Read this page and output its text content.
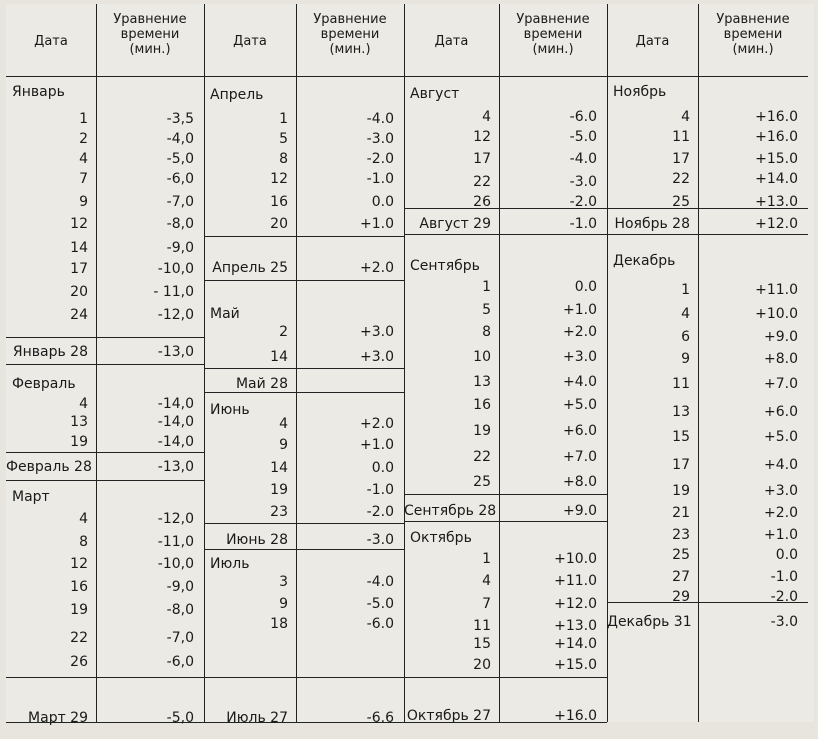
Дата
Уравнение времени (мин.)
Дата
Уравнение времени (мин.)
Дата
Уравнение времени (мин.)
Дата
Уравнение времени (мин.)
Январь
1	-3,5
2	-4,0
4	-5,0
7	-6,0
9	-7,0
12	-8,0
14	-9,0
17	-10,0
20	- 11,0
24	-12,0
Январь 28	-13,0
Февраль
4	-14,0
13	-14,0
19	-14,0
Февраль 28	-13,0
Март
4	-12,0
8	-11,0
12	-10,0
16	-9,0
19	-8,0
22	-7,0
26	-6,0
Март 29	-5,0
Апрель
1	-4.0
5	-3.0
8	-2.0
12	-1.0
16	0.0
20	+1.0
Апрель 25	+2.0
Май
2	+3.0
14	+3.0
Май 28
Июнь
4	+2.0
9	+1.0
14	0.0
19	-1.0
23	-2.0
Июнь 28	-3.0
Июль
3	-4.0
9	-5.0
18	-6.0
Июль 27	-6.6
Август
4	-6.0
12	-5.0
17	-4.0
22	-3.0
26	-2.0
Август 29	-1.0
Сентябрь
1	0.0
5	+1.0
8	+2.0
10	+3.0
13	+4.0
16	+5.0
19	+6.0
22	+7.0
25	+8.0
Сентябрь 28	+9.0
Октябрь
1	+10.0
4	+11.0
7	+12.0
11	+13.0
15	+14.0
20	+15.0
Октябрь 27	+16.0
Ноябрь
4	+16.0
11	+16.0
17	+15.0
22	+14.0
25	+13.0
Ноябрь 28	+12.0
Декабрь
1	+11.0
4	+10.0
6	+9.0
9	+8.0
11	+7.0
13	+6.0
15	+5.0
17	+4.0
19	+3.0
21	+2.0
23	+1.0
25	0.0
27	-1.0
29	-2.0
Декабрь 31	-3.0
